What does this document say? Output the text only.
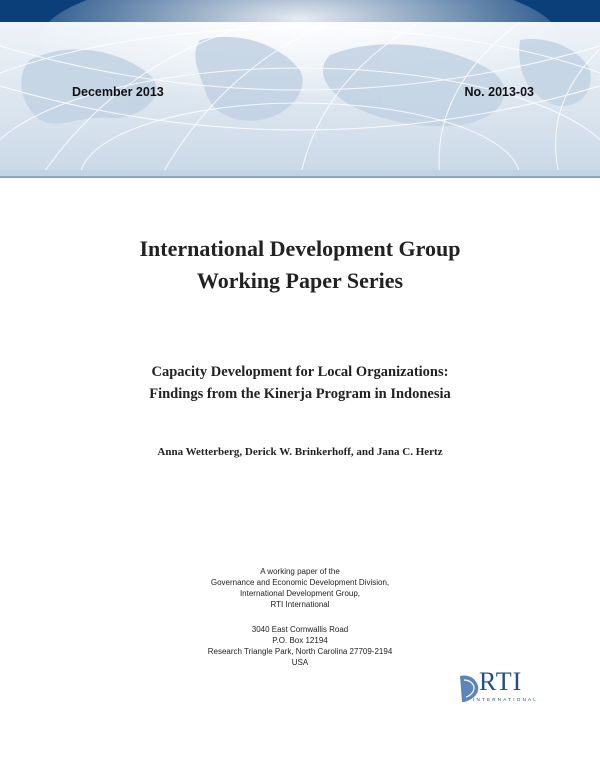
December 2013	No. 2013-03
International Development Group
Working Paper Series
Capacity Development for Local Organizations:
Findings from the Kinerja Program in Indonesia
Anna Wetterberg, Derick W. Brinkerhoff, and Jana C. Hertz
A working paper of the
Governance and Economic Development Division,
International Development Group,
RTI International
3040 East Cornwallis Road
P.O. Box 12194
Research Triangle Park, North Carolina 27709-2194
USA
RTI
INTERNATIONAL
